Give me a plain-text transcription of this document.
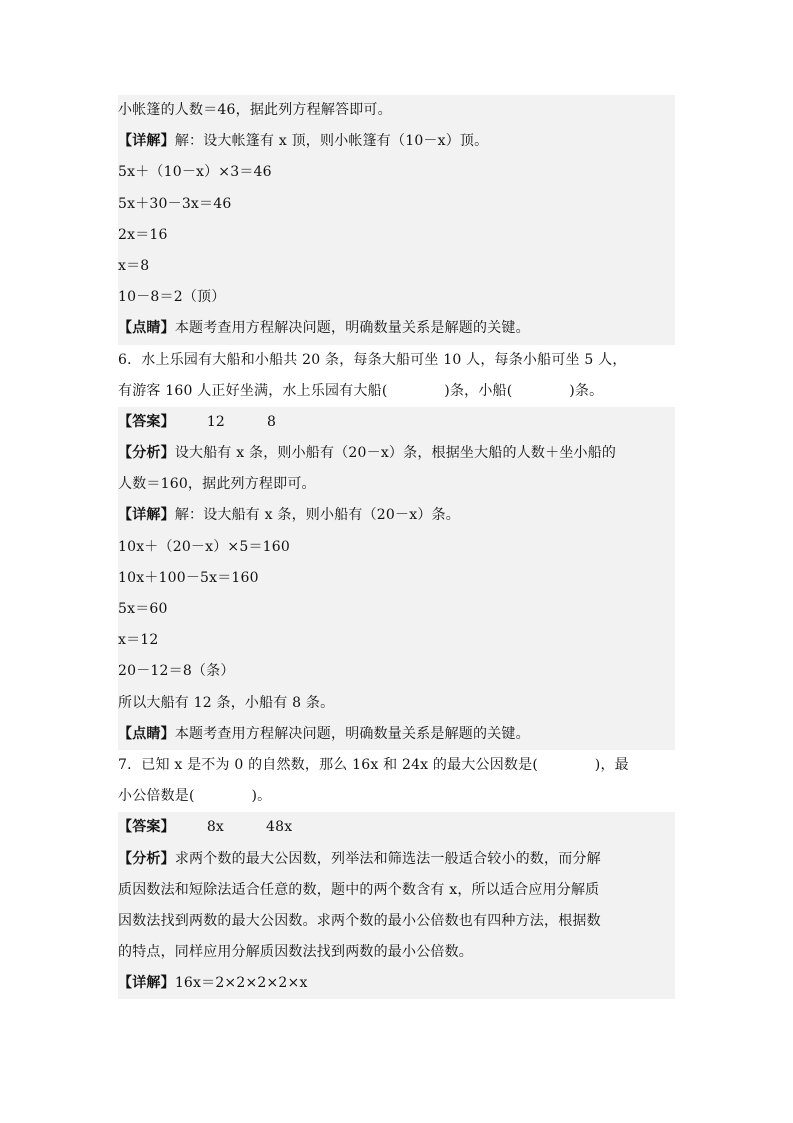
小帐篷的人数＝46，据此列方程解答即可。
【详解】解：设大帐篷有 x 顶，则小帐篷有（10－x）顶。
5x＋（10－x）×3＝46
5x＋30－3x＝46
2x＝16
x＝8
10－8＝2（顶）
【点睛】本题考查用方程解决问题，明确数量关系是解题的关键。
6．水上乐园有大船和小船共 20 条，每条大船可坐 10 人，每条小船可坐 5 人，
有游客 160 人正好坐满，水上乐园有大船(　　　　)条，小船(　　　　)条。
【答案】 12	8
【分析】设大船有 x 条，则小船有（20－x）条，根据坐大船的人数＋坐小船的
人数＝160，据此列方程即可。
【详解】解：设大船有 x 条，则小船有（20－x）条。
10x＋（20－x）×5＝160
10x＋100－5x＝160
5x＝60
x＝12
20－12＝8（条）
所以大船有 12 条，小船有 8 条。
【点睛】本题考查用方程解决问题，明确数量关系是解题的关键。
7．已知 x 是不为 0 的自然数，那么 16x 和 24x 的最大公因数是(　　　　)，最
小公倍数是(　　　　)。
【答案】 8x	48x
【分析】求两个数的最大公因数，列举法和筛选法一般适合较小的数，而分解
质因数法和短除法适合任意的数，题中的两个数含有 x，所以适合应用分解质
因数法找到两数的最大公因数。求两个数的最小公倍数也有四种方法，根据数
的特点，同样应用分解质因数法找到两数的最小公倍数。
【详解】16x＝2×2×2×2×x
